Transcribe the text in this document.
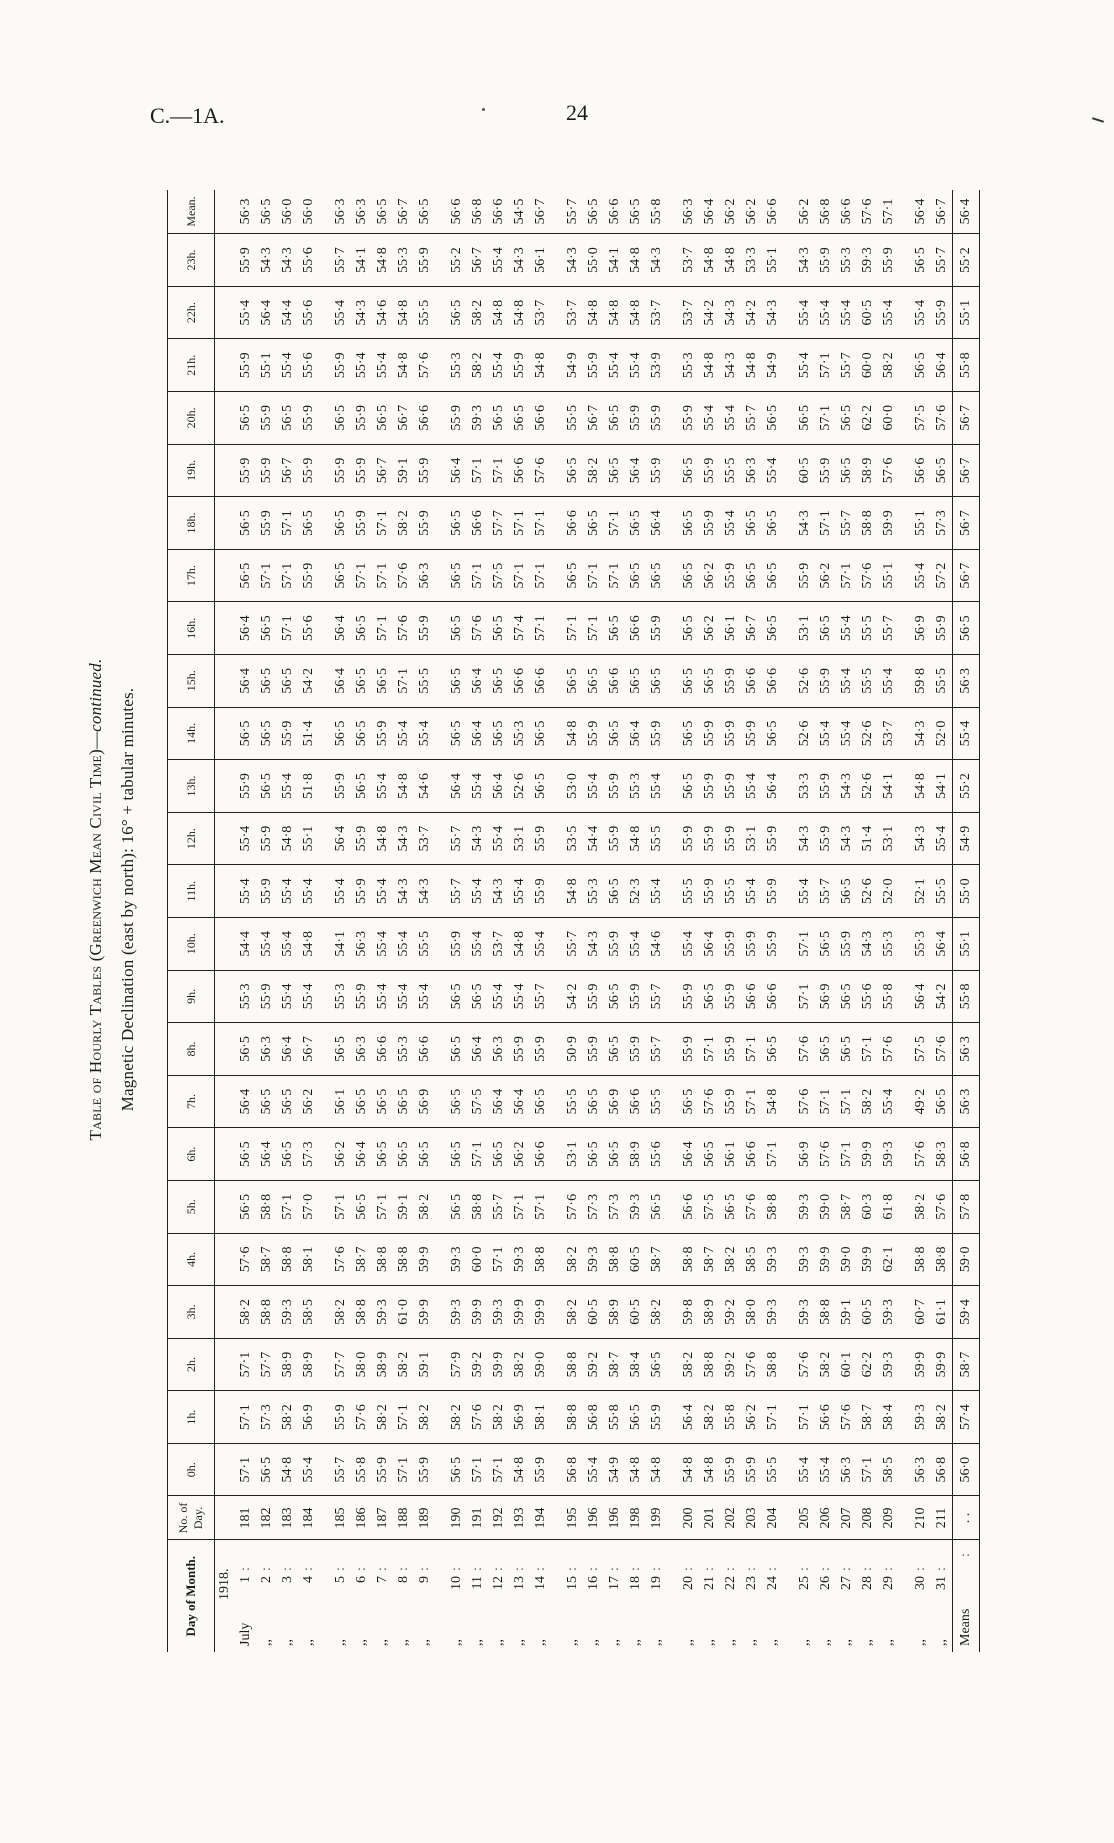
C.—1A.	24
Table of Hourly Tables (Greenwich Mean Civil Time)—continued. Magnetic Declination (east by north): 16° + tabular minutes.
Day of Month.	No. of Day.	0h.	1h.	2h.	3h.	4h.	5h.	6h.	7h.	8h.	9h.	10h.	11h.	12h.	13h.	14h.	15h.	16h.	17h.	18h.	19h.	20h.	21h.	22h.	23h.	Mean.
1918.																										
July1:	181	57·1	57·1	57·1	58·2	57·6	56·5	56·5	56·4	56·5	55·3	54·4	55·4	55·4	55·9	56·5	56·4	56·4	56·5	56·5	55·9	56·5	55·9	55·4	55·9	56·3
,,2:	182	56·5	57·3	57·7	58·8	58·7	58·8	56·4	56·5	56·3	55·9	55·4	55·9	55·9	56·5	56·5	56·5	56·5	57·1	55·9	55·9	55·9	55·1	56·4	54·3	56·5
,,3:	183	54·8	58·2	58·9	59·3	58·8	57·1	56·5	56·5	56·4	55·4	55·4	55·4	54·8	55·4	55·9	56·5	57·1	57·1	57·1	56·7	56·5	55·4	54·4	54·3	56·0
,,4:	184	55·4	56·9	58·9	58·5	58·1	57·0	57·3	56·2	56·7	55·4	54·8	55·4	55·1	51·8	51·4	54·2	55·6	55·9	56·5	55·9	55·9	55·6	55·6	55·6	56·0

,,5:	185	55·7	55·9	57·7	58·2	57·6	57·1	56·2	56·1	56·5	55·3	54·1	55·4	56·4	55·9	56·5	56·4	56·4	56·5	56·5	55·9	56·5	55·9	55·4	55·7	56·3
,,6:	186	55·8	57·6	58·0	58·8	58·7	56·5	56·4	56·5	56·3	55·9	56·3	55·9	55·9	56·5	56·5	56·5	56·5	57·1	55·9	55·9	55·9	55·4	54·3	54·1	56·3
,,7:	187	55·9	58·2	58·9	59·3	58·8	57·1	56·5	56·5	56·6	55·4	55·4	55·4	54·8	55·4	55·9	56·5	57·1	57·1	57·1	56·7	56·5	55·4	54·6	54·8	56·5
,,8:	188	57·1	57·1	58·2	61·0	58·8	59·1	56·5	56·5	55·3	55·4	55·4	54·3	54·3	54·8	55·4	57·1	57·6	57·6	58·2	59·1	56·7	54·8	54·8	55·3	56·7
,,9:	189	55·9	58·2	59·1	59·9	59·9	58·2	56·5	56·9	56·6	55·4	55·5	54·3	53·7	54·6	55·4	55·5	55·9	56·3	55·9	55·9	56·6	57·6	55·5	55·9	56·5

,,10:	190	56·5	58·2	57·9	59·3	59·3	56·5	56·5	56·5	56·5	56·5	55·9	55·7	55·7	56·4	56·5	56·5	56·5	56·5	56·5	56·4	55·9	55·3	56·5	55·2	56·6
,,11:	191	57·1	57·6	59·2	59·9	60·0	58·8	57·1	57·5	56·4	56·5	55·4	55·4	54·3	55·4	56·4	56·4	57·6	57·1	56·6	57·1	59·3	58·2	58·2	56·7	56·8
,,12:	192	57·1	58·2	59·9	59·3	57·1	55·7	56·5	56·4	56·3	55·4	53·7	54·3	55·4	56·4	56·5	56·5	56·5	57·5	57·7	57·1	56·5	55·4	54·8	55·4	56·6
,,13:	193	54·8	56·9	58·2	59·9	59·3	57·1	56·2	56·4	55·9	55·4	54·8	55·4	53·1	52·6	55·3	56·6	57·4	57·1	57·1	56·6	56·5	55·9	54·8	54·3	54·5
,,14:	194	55·9	58·1	59·0	59·9	58·8	57·1	56·6	56·5	55·9	55·7	55·4	55·9	55·9	56·5	56·5	56·6	57·1	57·1	57·1	57·6	56·6	54·8	53·7	56·1	56·7

,,15:	195	56·8	58·8	58·8	58·2	58·2	57·6	53·1	55·5	50·9	54·2	55·7	54·8	53·5	53·0	54·8	56·5	57·1	56·5	56·6	56·5	55·5	54·9	53·7	54·3	55·7
,,16:	196	55·4	56·8	59·2	60·5	59·3	57·3	56·5	56·5	55·9	55·9	54·3	55·3	54·4	55·4	55·9	56·5	57·1	57·1	56·5	58·2	56·7	55·9	54·8	55·0	56·5
,,17:	196	54·9	55·8	58·7	58·9	58·8	57·3	56·5	56·9	56·5	56·5	55·9	56·5	55·9	55·9	56·5	56·6	56·5	57·1	57·1	56·5	56·5	55·4	54·8	54·1	56·6
,,18:	198	54·8	56·5	58·4	60·5	60·5	59·3	58·9	56·6	55·9	55·9	55·4	52·3	54·8	55·3	56·4	56·5	56·6	56·5	56·5	56·4	55·9	55·4	54·8	54·8	56·5
,,19:	199	54·8	55·9	56·5	58·2	58·7	56·5	55·6	55·5	55·7	55·7	54·6	55·4	55·5	55·4	55·9	56·5	55·9	56·5	56·4	55·9	55·9	53·9	53·7	54·3	55·8

,,20:	200	54·8	56·4	58·2	59·8	58·8	56·6	56·4	56·5	55·9	55·9	55·4	55·5	55·9	56·5	56·5	56·5	56·5	56·5	56·5	56·5	55·9	55·3	53·7	53·7	56·3
,,21:	201	54·8	58·2	58·8	58·9	58·7	57·5	56·5	57·6	57·1	56·5	56·4	55·9	55·9	55·9	55·9	56·5	56·2	56·2	55·9	55·9	55·4	54·8	54·2	54·8	56·4
,,22:	202	55·9	55·8	59·2	59·2	58·2	56·5	56·1	55·9	55·9	55·9	55·9	55·5	55·9	55·9	55·9	55·9	56·1	55·9	55·4	55·5	55·4	54·3	54·3	54·8	56·2
,,23:	203	55·9	56·2	57·6	58·0	58·5	57·6	56·6	57·1	57·1	56·6	55·9	55·4	53·1	55·4	55·9	56·6	56·7	56·5	56·5	56·3	55·7	54·8	54·2	53·3	56·2
,,24:	204	55·5	57·1	58·8	59·3	59·3	58·8	57·1	54·8	56·5	56·6	55·9	55·9	55·9	56·4	56·5	56·6	56·5	56·5	56·5	55·4	56·5	54·9	54·3	55·1	56·6

,,25:	205	55·4	57·1	57·6	59·3	59·3	59·3	56·9	57·6	57·6	57·1	57·1	55·4	54·3	53·3	52·6	52·6	53·1	55·9	54·3	60·5	56·5	55·4	55·4	54·3	56·2
,,26:	206	55·4	56·6	58·2	58·8	59·9	59·0	57·6	57·1	56·5	56·9	56·5	55·7	55·9	55·9	55·4	55·9	56·5	56·2	57·1	55·9	57·1	57·1	55·4	55·9	56·8
,,27:	207	56·3	57·6	60·1	59·1	59·0	58·7	57·1	57·1	56·5	56·5	55·9	56·5	54·3	54·3	55·4	55·4	55·4	57·1	55·7	56·5	56·5	55·7	55·4	55·3	56·6
,,28:	208	57·1	58·7	62·2	60·5	59·9	60·3	59·9	58·2	57·1	55·6	54·3	52·6	51·4	52·6	52·6	55·5	55·5	57·6	58·8	58·9	62·2	60·0	60·5	59·3	57·6
,,29:	209	58·5	58·4	59·3	59·3	62·1	61·8	59·3	55·4	57·6	55·8	55·3	52·0	53·1	54·1	53·7	55·4	55·7	55·1	59·9	57·6	60·0	58·2	55·4	55·9	57·1

,,30:	210	56·3	59·3	59·9	60·7	58·8	58·2	57·6	49·2	57·5	56·4	55·3	52·1	54·3	54·8	54·3	59·8	56·9	55·4	55·1	56·6	57·5	56·5	55·4	56·5	56·4
,,31:	211	56·8	58·2	59·9	61·1	58·8	57·6	58·3	56·5	57·6	54·2	56·4	55·5	55·4	54·1	52·0	55·5	55·9	57·2	57·3	56·5	57·6	56·4	55·9	55·7	56·7
Means:	. .	56·0	57·4	58·7	59·4	59·0	57·8	56·8	56·3	56·3	55·8	55·1	55·0	54·9	55·2	55·4	56·3	56·5	56·7	56·7	56·7	56·7	55·8	55·1	55·2	56·4
